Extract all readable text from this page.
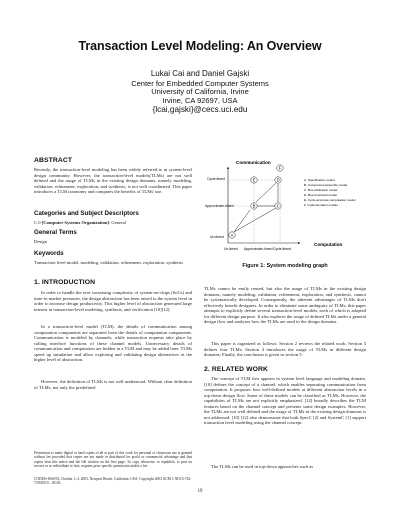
Transaction Level Modeling: An Overview
Lukai Cai and Daniel Gajski
Center for Embedded Computer Systems
University of California, Irvine
Irvine, CA 92697, USA
{lcai,gajski}@cecs.uci.edu
ABSTRACT
Recently, the transaction-level modeling has been widely referred to in system-level design community. However, the transaction-level models(TLMs) are not well defined and the usage of TLMs in the existing design domains, namely modeling, validation, refinement, exploration, and synthesis, is not well coordinated. This paper introduces a TLM taxonomy and compares the benefits of TLMs' use.
Categories and Subject Descriptors
C.0 [Computer Systems Organization]: General
General Terms
Design
Keywords
Transaction level model, modeling, validation, refinement, exploration, synthesis
1. INTRODUCTION
In order to handle the ever increasing complexity of system-on-chips (SoCs) and time-to-market pressures, the design abstraction has been raised to the system level in order to increase design productivity. This higher level of abstraction generated large interest in transaction-level modeling, synthesis, and verification [10][12].
In a transaction-level model (TLM), the details of communication among computation components are separated from the details of computation components. Communication is modeled by channels, while transaction requests take place by calling interface functions of these channel models. Unnecessary details of communication and computation are hidden in a TLM and may be added later. TLMs speed up simulation and allow exploring and validating design alternatives at the higher level of abstraction.
However, the definition of TLMs is not well understood. Without clear definition of TLMs, not only the predefined
Permission to make digital or hard copies of all or part of this work for personal or classroom use is granted without fee provided that copies are not made or distributed for profit or commercial advantage and that copies bear this notice and the full citation on the first page. To copy otherwise, to republish, to post on servers or to redistribute to lists, requires prior specific permission and/or a fee.
CODES+ISSS'03, October 1–3, 2003, Newport Beach, California, USA. Copyright 2003 ACM 1-58113-742-7/03/0010 ...$5.00.
Communication
A
B	C
D
E
F
Cycle-timed
Approximate-timed
Un-timed
Un-timed Approximate-timed Cycle-timed
Computation
A. Specification model
B. Component-assembly model
C. Bus-arbitration model
D. Bus-functional model
E. Cycle-accurate computation model
F. Implementation model
Figure 1: System modeling graph
TLMs cannot be easily reused, but also the usage of TLMs in the existing design domains, namely modeling, validation, refinement, exploration, and synthesis, cannot be systematically developed. Consequently, the inherent advantages of TLMs don't effectively benefit designers. In order to eliminate some ambiguity of TLMs, this paper attempts to explicitly define several transaction-level models, each of which is adopted for different design purpose. It also explores the usage of defined TLMs under a general design flow and analyzes how the TLMs are used in the design domains.
This paper is organized as follows: Section 2 reviews the related work; Section 3 defines four TLMs; Section 4 introduces the usage of TLMs in different design domains; Finally, the conclusion is given in section 5.
2. RELATED WORK
The concept of TLM first appears in system level language and modeling domain. [10] defines the concept of a channel, which enables separating communication from computation. It proposes four well-defined models at different abstraction levels in a top-down design flow. Some of these models can be classified as TLMs. However, the capabilities of TLMs are not explicitly emphasized. [12] broadly describes the TLM features based on the channel concept and presents some design examples. However, the TLMs are not well defined and the usage of TLMs in the existing design domains is not addressed. [10] [12] also demonstrate that both SpecC [2] and SystemC [1] support transaction level modeling using the channel concept.
The TLMs can be used in top-down approaches such as
19
